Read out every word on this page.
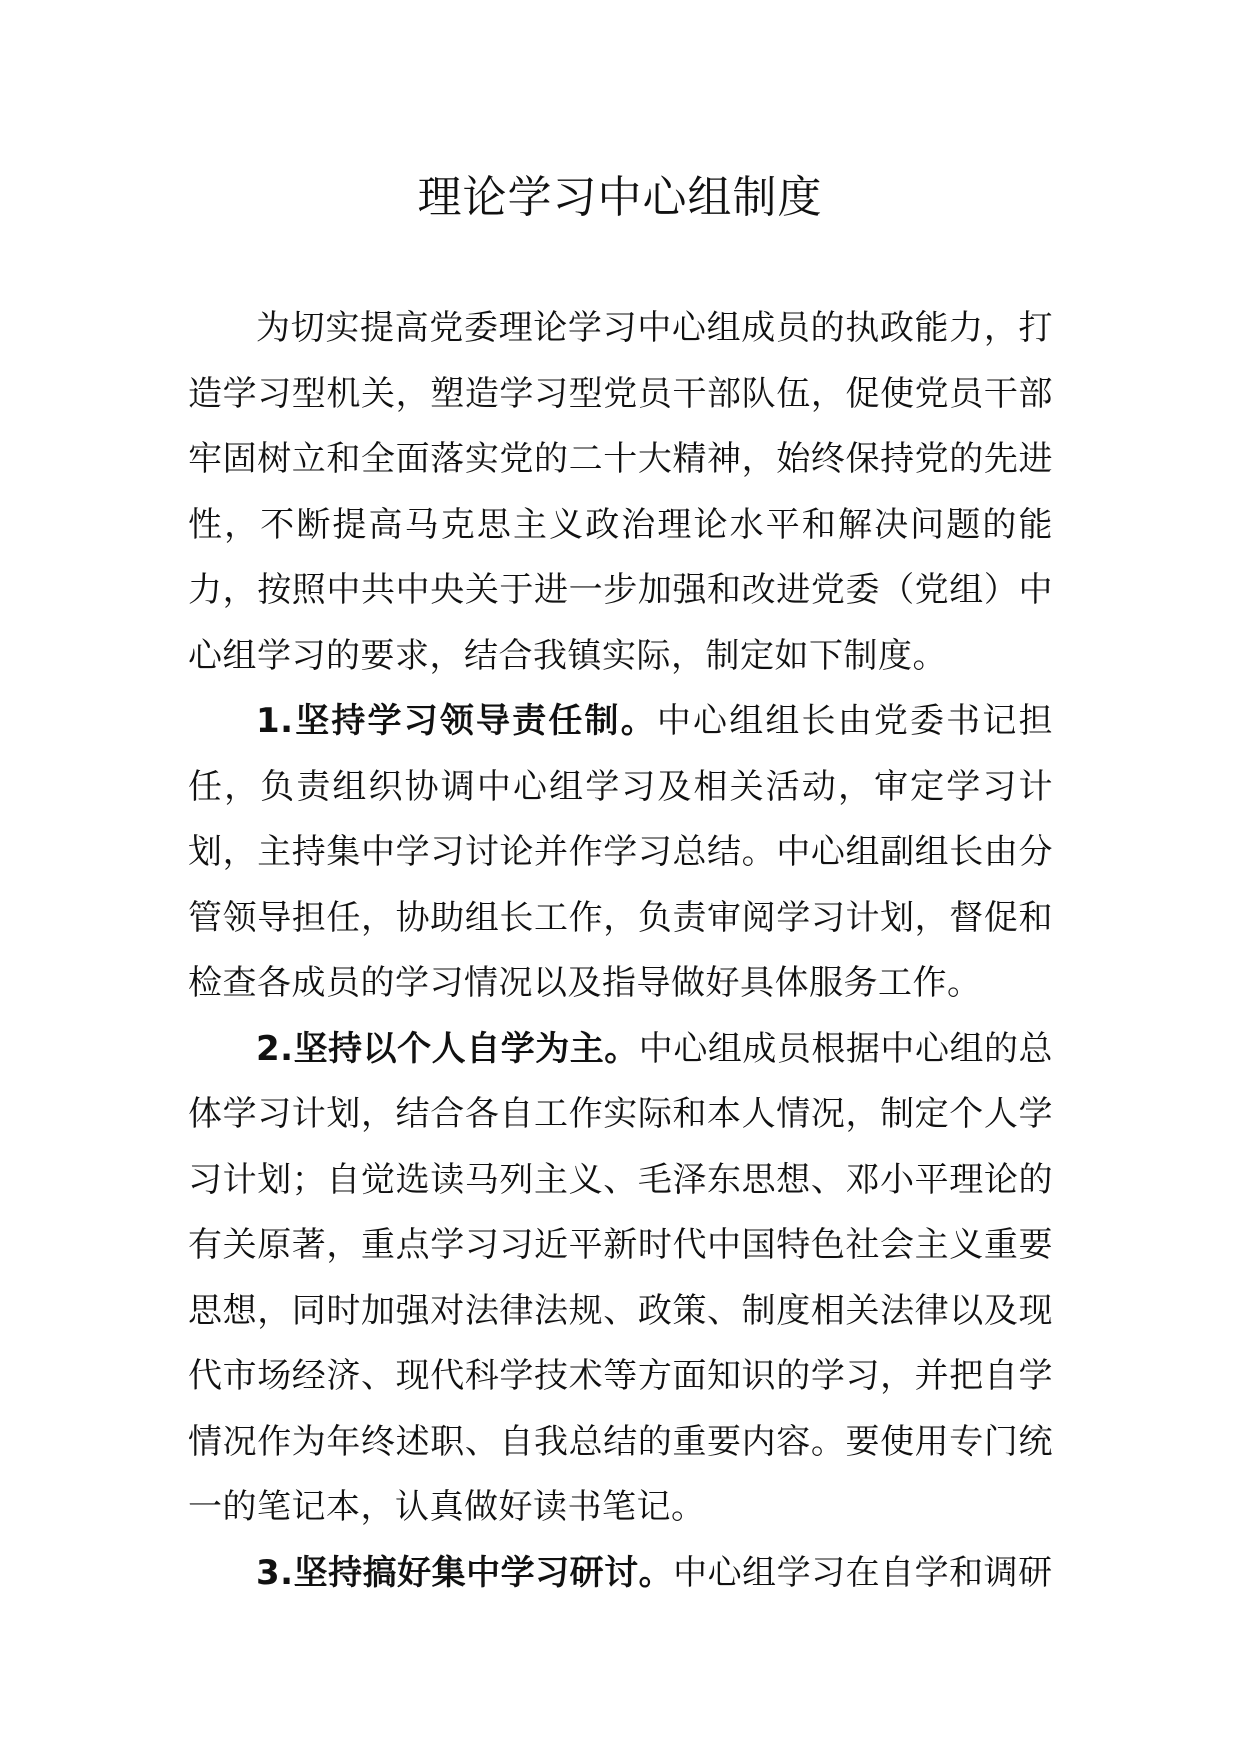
理论学习中心组制度

为切实提高党委理论学习中心组成员的执政能力，打造学习型机关，塑造学习型党员干部队伍，促使党员干部牢固树立和全面落实党的二十大精神，始终保持党的先进性，不断提高马克思主义政治理论水平和解决问题的能力，按照中共中央关于进一步加强和改进党委（党组）中心组学习的要求，结合我镇实际，制定如下制度。

1.坚持学习领导责任制。中心组组长由党委书记担任，负责组织协调中心组学习及相关活动，审定学习计划，主持集中学习讨论并作学习总结。中心组副组长由分管领导担任，协助组长工作，负责审阅学习计划，督促和检查各成员的学习情况以及指导做好具体服务工作。

2.坚持以个人自学为主。中心组成员根据中心组的总体学习计划，结合各自工作实际和本人情况，制定个人学习计划；自觉选读马列主义、毛泽东思想、邓小平理论的有关原著，重点学习习近平新时代中国特色社会主义重要思想，同时加强对法律法规、政策、制度相关法律以及现代市场经济、现代科学技术等方面知识的学习，并把自学情况作为年终述职、自我总结的重要内容。要使用专门统一的笔记本，认真做好读书笔记。

3.坚持搞好集中学习研讨。中心组学习在自学和调研
